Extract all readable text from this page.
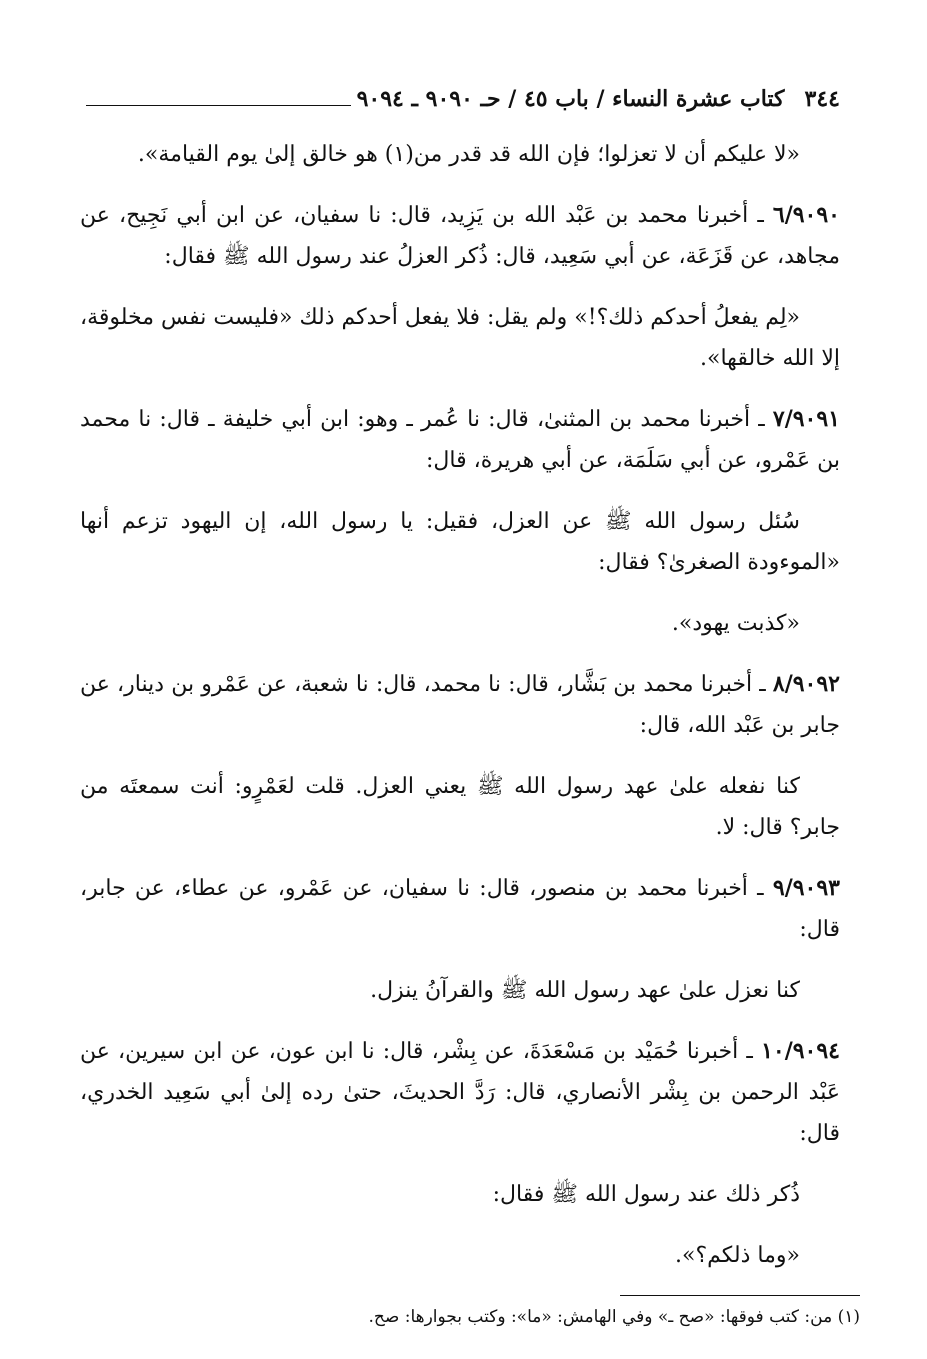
٣٤٤
كتاب عشرة النساء / باب ٤٥ / حـ ٩٠٩٠ ـ ٩٠٩٤

«لا عليكم أن لا تعزلوا؛ فإن الله قد قدر من(١) هو خالق إلىٰ يوم القيامة».

٦/٩٠٩٠ ـ أخبرنا محمد بن عَبْد الله بن يَزِيد، قال: نا سفيان، عن ابن أبي نَجِيح، عن مجاهد، عن قَزَعَة، عن أبي سَعِيد، قال: ذُكر العزلُ عند رسول الله ﷺ فقال:

«لِم يفعلُ أحدكم ذلك؟!» ولم يقل: فلا يفعل أحدكم ذلك «فليست نفس مخلوقة، إلا الله خالقها».

٧/٩٠٩١ ـ أخبرنا محمد بن المثنىٰ، قال: نا عُمر ـ وهو: ابن أبي خليفة ـ قال: نا محمد بن عَمْرو، عن أبي سَلَمَة، عن أبي هريرة، قال:

سُئل رسول الله ﷺ عن العزل، فقيل: يا رسول الله، إن اليهود تزعم أنها «الموءودة الصغرىٰ؟ فقال:

«كذبت يهود».

٨/٩٠٩٢ ـ أخبرنا محمد بن بَشَّار، قال: نا محمد، قال: نا شعبة، عن عَمْرو بن دينار، عن جابر بن عَبْد الله، قال:

كنا نفعله علىٰ عهد رسول الله ﷺ يعني العزل. قلت لعَمْرٍو: أنت سمعتَه من جابر؟ قال: لا.

٩/٩٠٩٣ ـ أخبرنا محمد بن منصور، قال: نا سفيان، عن عَمْرو، عن عطاء، عن جابر، قال:

كنا نعزل علىٰ عهد رسول الله ﷺ والقرآنُ ينزل.

١٠/٩٠٩٤ ـ أخبرنا حُمَيْد بن مَسْعَدَةَ، عن بِشْر، قال: نا ابن عون، عن ابن سيرين، عن عَبْد الرحمن بن بِشْر الأنصاري، قال: رَدَّ الحديثَ، حتىٰ رده إلىٰ أبي سَعِيد الخدري، قال:

ذُكر ذلك عند رسول الله ﷺ فقال:

«وما ذلكم؟».

(١) من: كتب فوقها: «صح ـ» وفي الهامش: «ما»: وكتب بجوارها: صح.
